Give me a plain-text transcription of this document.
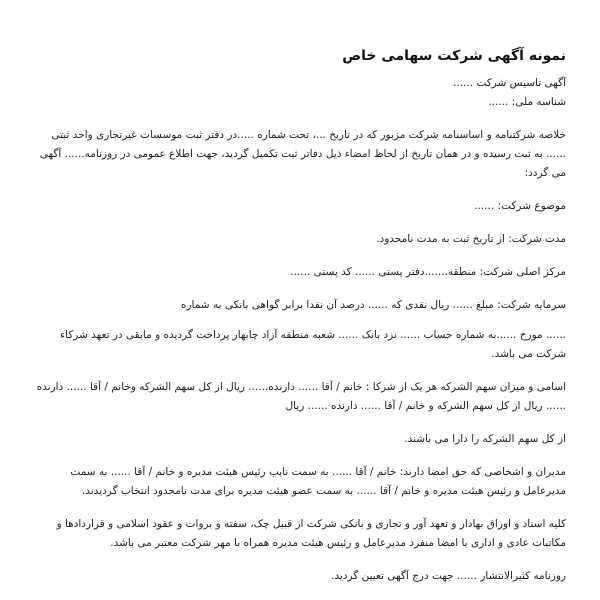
نمونه آگهی شرکت سهامی خاص

آگهی تاسیس شرکت ......

شناسه ملی: ......

خلاصه شرکتنامه و اساسنامه شرکت مزبور که در تاریخ ...، تحت شماره .....در دفتر ثبت موسسات غیرتجاری واحد ثبتی ...... به ثبت رسیده و در همان تاریخ از لحاظ امضاء ذیل دفاتر ثبت تکمیل گردید، جهت اطلاع عمومی در روزنامه...... آگهی می گردد:

موضوع شرکت: ......

مدت شرکت: از تاریخ ثبت به مدت نامحدود.

مرکز اصلی شرکت: منطقه.......دفتر پستی ...... کد پستی ......

سرمایه شرکت: مبلغ ...... ریال نقدی که ...... درصد آن نقدا برابر گواهی بانکی به شماره

...... مورخ ......به شماره حساب ...... نزد بانک ...... شعبه منطقه آزاد چابهار پرداخت گردیده و مابقی در تعهد شرکاء شرکت می باشد.

اسامی و میزان سهم الشرکه هر یک از شرکا : خانم / آقا ...... دارنده...... ریال از کل سهم الشرکه وخانم / آقا ...... دارنده ...... ریال از کل سهم الشرکه و خانم / آقا ...... دارنده ...... ریال

از کل سهم الشرکه را دارا می باشند.

مدیران و اشخاصی که حق امضا دارند: خانم / آقا ...... به سمت نایب رئیس هیئت مدیره و خانم / آقا ...... به سمت مدیرعامل و رئیس هیئت مدیره و خانم / آقا ...... به سمت عضو هیئت مدیره برای مدت نامحدود انتخاب گردیدند.

کلیه اسناد و اوراق بهادار و تعهد آور و تجاری و بانکی شرکت از قبیل چک، سفته و بروات و عقود اسلامی و قراردادها و مکاتبات عادی و اداری با امضا منفرد مدیرعامل و رئیس هیئت مدیره همراه با مهر شرکت معتبر می باشد.

روزنامه کثیرالانتشار ...... جهت درج آگهی تعیین گردید.
